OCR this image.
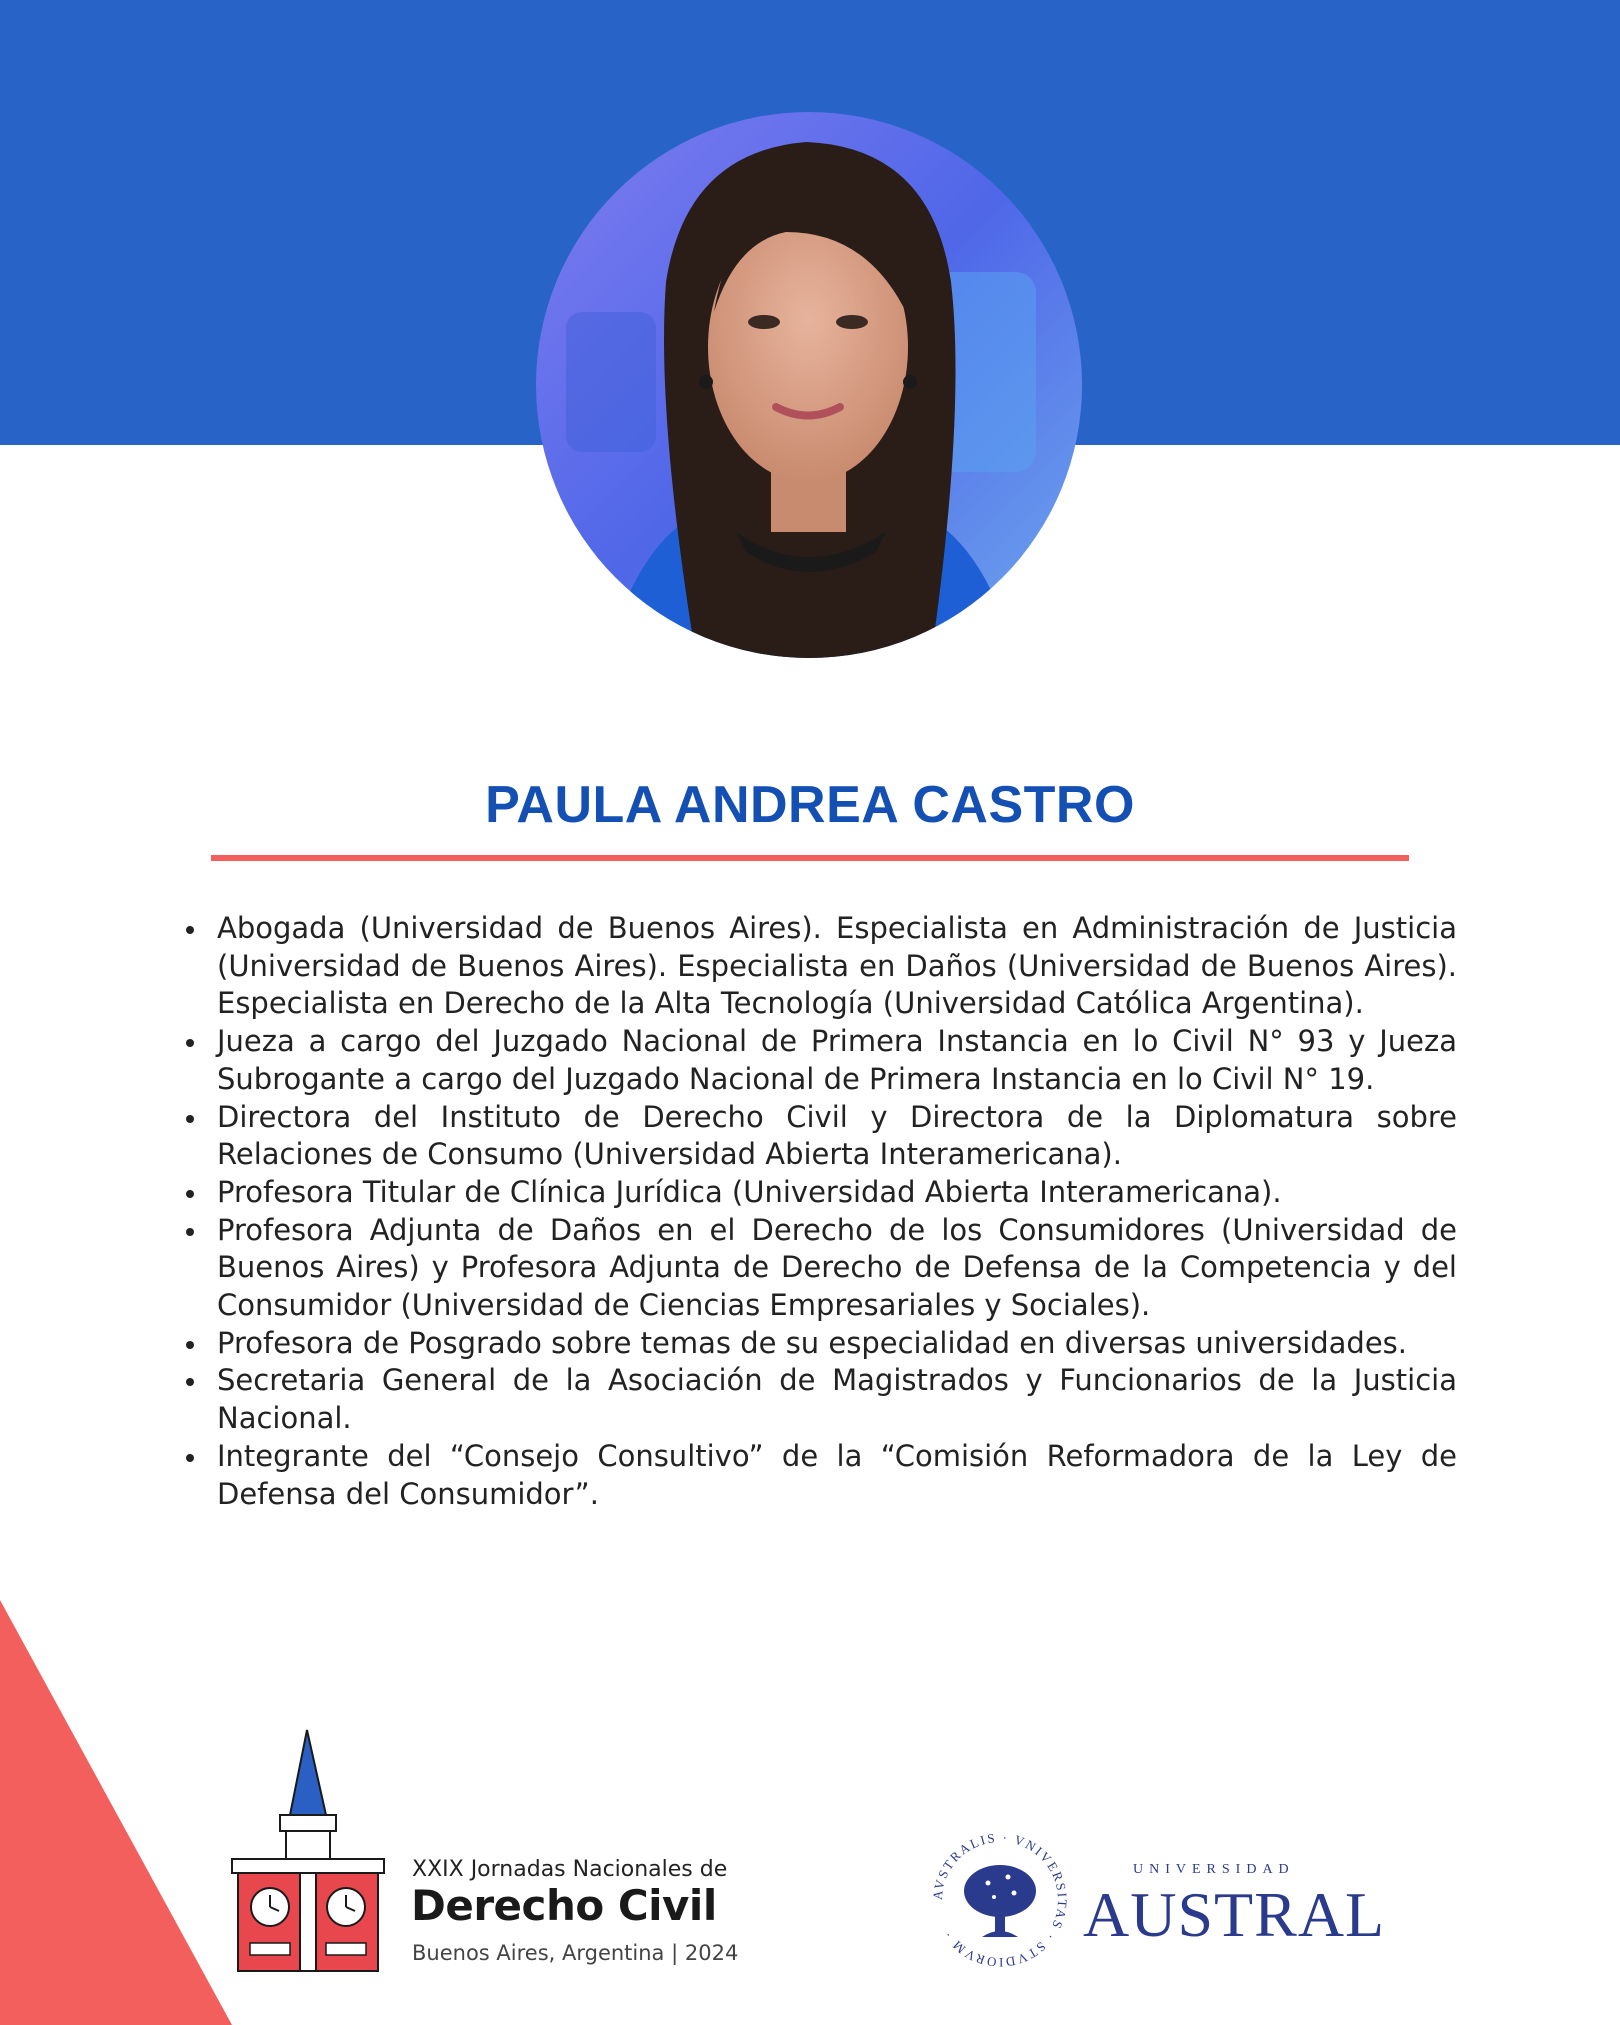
PAULA ANDREA CASTRO
Abogada (Universidad de Buenos Aires). Especialista en Administración de Justicia (Universidad de Buenos Aires). Especialista en Daños (Universidad de Buenos Aires). Especialista en Derecho de la Alta Tecnología (Universidad Católica Argentina).
Jueza a cargo del Juzgado Nacional de Primera Instancia en lo Civil N° 93 y Jueza Subrogante a cargo del Juzgado Nacional de Primera Instancia en lo Civil N° 19.
Directora del Instituto de Derecho Civil y Directora de la Diplomatura sobre Relaciones de Consumo (Universidad Abierta Interamericana).
Profesora Titular de Clínica Jurídica (Universidad Abierta Interamericana).
Profesora Adjunta de Daños en el Derecho de los Consumidores (Universidad de Buenos Aires) y Profesora Adjunta de Derecho de Defensa de la Competencia y del Consumidor (Universidad de Ciencias Empresariales y Sociales).
Profesora de Posgrado sobre temas de su especialidad en diversas universidades.
Secretaria General de la Asociación de Magistrados y Funcionarios de la Justicia Nacional.
Integrante del “Consejo Consultivo” de la “Comisión Reformadora de la Ley de Defensa del Consumidor”.
XXIX Jornadas Nacionales de
Derecho Civil
Buenos Aires, Argentina | 2024
AVSTRALIS · VNIVERSITAS · STVDIORVM ·
UNIVERSIDAD
AUSTRAL
